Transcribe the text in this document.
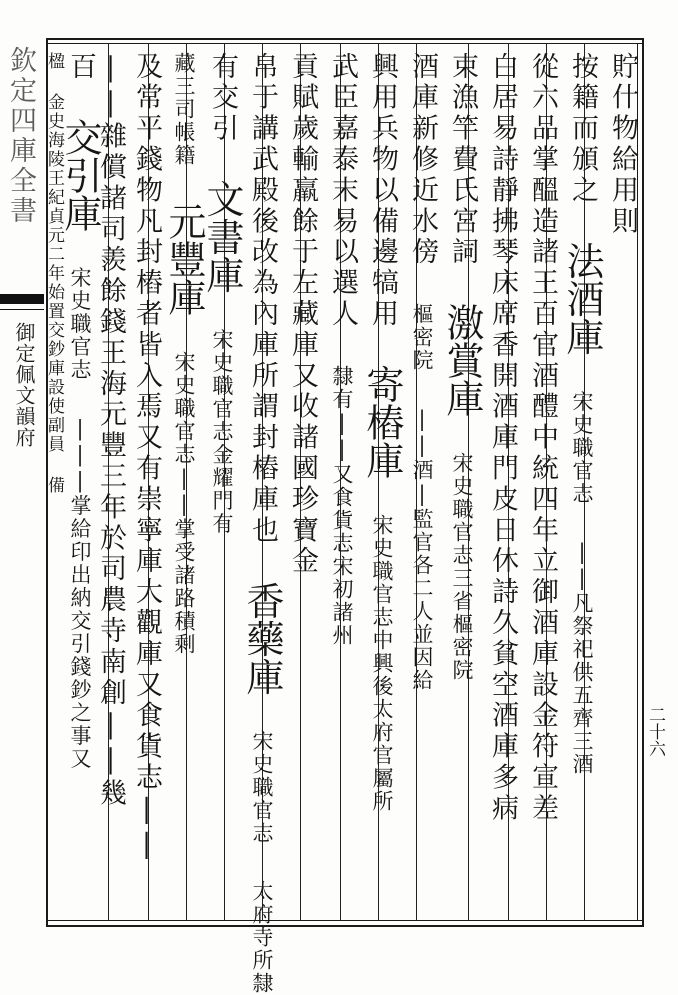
欽定四庫全書
御定佩文韻府
二十六
貯什物給用則
按籍而頒之 法酒庫 宋史職官志 ||凡祭祀供五齊三酒
從六品掌醞造諸王百官酒醴中統四年立御酒庫設金符宣差
白居易詩靜拂琴床席香開酒庫門皮日休詩久貧空酒庫多病
束漁竿費氏宮詞 激賞庫 宋史職官志三省樞密院
酒庫新修近水傍 樞密院 ||酒|監官各二人並因給
興用兵物以備邊犒用 寄樁庫 宋史職官志中興後太府官屬所
武臣嘉泰末易以選人 隸有||又食貨志宋初諸州
貢賦歲輸羸餘于左藏庫又收諸國珍寶金
帛于講武殿後改為內庫所謂封樁庫也 香藥庫 宋史職官志 太府寺所隸
有交引 文書庫 宋史職官志金耀門有
藏三司帳籍 元豐庫 宋史職官志||掌受諸路積剩
及常平錢物凡封樁者皆入焉又有崇寧庫大觀庫又食貨志||
||雜償諸司羨餘錢王海元豐三年於司農寺南創||幾
百 交引庫 宋史職官志 |||掌給印出納交引錢鈔之事又
楹 金史海陵王紀貞元二年始置交鈔庫設使副員 備
